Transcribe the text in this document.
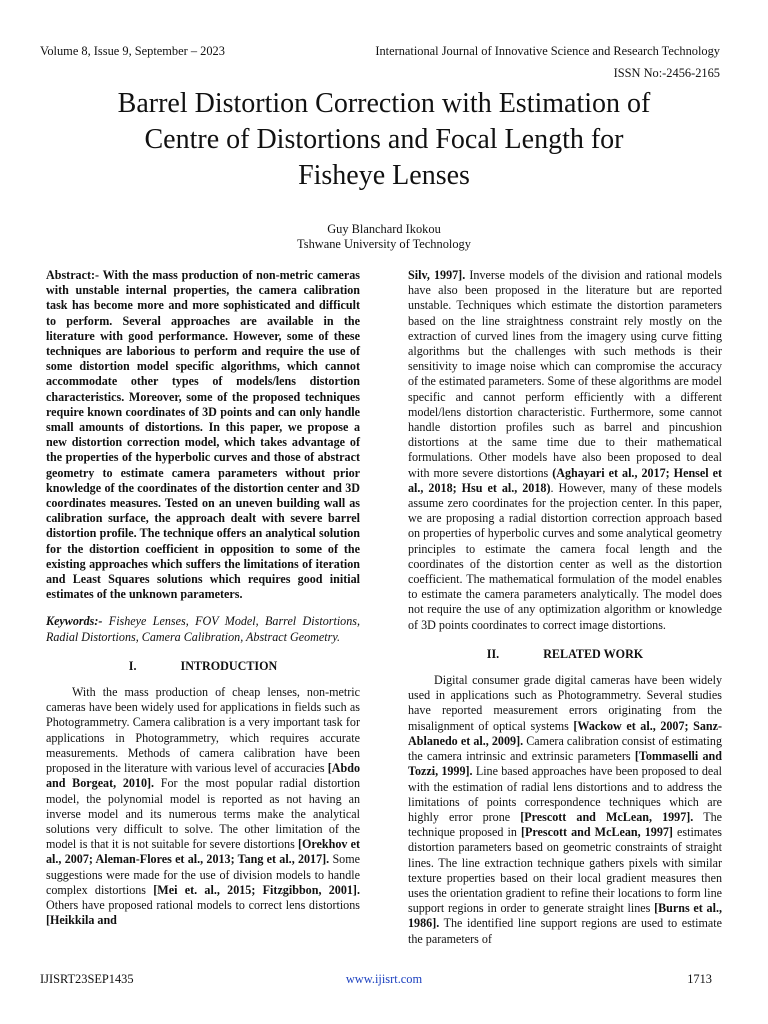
Volume 8, Issue 9, September – 2023	International Journal of Innovative Science and Research Technology
ISSN No:-2456-2165
Barrel Distortion Correction with Estimation of
Centre of Distortions and Focal Length for
Fisheye Lenses
Guy Blanchard Ikokou
Tshwane University of Technology

Abstract:- With the mass production of non-metric cameras with unstable internal properties, the camera calibration task has become more and more sophisticated and difficult to perform. Several approaches are available in the literature with good performance. However, some of these techniques are laborious to perform and require the use of some distortion model specific algorithms, which cannot accommodate other types of models/lens distortion characteristics. Moreover, some of the proposed techniques require known coordinates of 3D points and can only handle small amounts of distortions. In this paper, we propose a new distortion correction model, which takes advantage of the properties of the hyperbolic curves and those of abstract geometry to estimate camera parameters without prior knowledge of the coordinates of the distortion center and 3D coordinates measures. Tested on an uneven building wall as calibration surface, the approach dealt with severe barrel distortion profile. The technique offers an analytical solution for the distortion coefficient in opposition to some of the existing approaches which suffers the limitations of iteration and Least Squares solutions which requires good initial estimates of the unknown parameters.

Keywords:- Fisheye Lenses, FOV Model, Barrel Distortions, Radial Distortions, Camera Calibration, Abstract Geometry.

I.	INTRODUCTION

With the mass production of cheap lenses, non-metric cameras have been widely used for applications in fields such as Photogrammetry. Camera calibration is a very important task for applications in Photogrammetry, which requires accurate measurements. Methods of camera calibration have been proposed in the literature with various level of accuracies [Abdo and Borgeat, 2010]. For the most popular radial distortion model, the polynomial model is reported as not having an inverse model and its numerous terms make the analytical solutions very difficult to solve. The other limitation of the model is that it is not suitable for severe distortions [Orekhov et al., 2007; Aleman-Flores et al., 2013; Tang et al., 2017]. Some suggestions were made for the use of division models to handle complex distortions [Mei et. al., 2015; Fitzgibbon, 2001]. Others have proposed rational models to correct lens distortions [Heikkila and

Silv, 1997]. Inverse models of the division and rational models have also been proposed in the literature but are reported unstable. Techniques which estimate the distortion parameters based on the line straightness constraint rely mostly on the extraction of curved lines from the imagery using curve fitting algorithms but the challenges with such methods is their sensitivity to image noise which can compromise the accuracy of the estimated parameters. Some of these algorithms are model specific and cannot perform efficiently with a different model/lens distortion characteristic. Furthermore, some cannot handle distortion profiles such as barrel and pincushion distortions at the same time due to their mathematical formulations. Other models have also been proposed to deal with more severe distortions (Aghayari et al., 2017; Hensel et al., 2018; Hsu et al., 2018). However, many of these models assume zero coordinates for the projection center. In this paper, we are proposing a radial distortion correction approach based on properties of hyperbolic curves and some analytical geometry principles to estimate the camera focal length and the coordinates of the distortion center as well as the distortion coefficient. The mathematical formulation of the model enables to estimate the camera parameters analytically. The model does not require the use of any optimization algorithm or knowledge of 3D points coordinates to correct image distortions.

II.	RELATED WORK

Digital consumer grade digital cameras have been widely used in applications such as Photogrammetry. Several studies have reported measurement errors originating from the misalignment of optical systems [Wackow et al., 2007; Sanz-Ablanedo et al., 2009]. Camera calibration consist of estimating the camera intrinsic and extrinsic parameters [Tommaselli and Tozzi, 1999]. Line based approaches have been proposed to deal with the estimation of radial lens distortions and to address the limitations of points correspondence techniques which are highly error prone [Prescott and McLean, 1997]. The technique proposed in [Prescott and McLean, 1997] estimates distortion parameters based on geometric constraints of straight lines. The line extraction technique gathers pixels with similar texture properties based on their local gradient measures then uses the orientation gradient to refine their locations to form line support regions in order to generate straight lines [Burns et al., 1986]. The identified line support regions are used to estimate the parameters of

IJISRT23SEP1435	www.ijisrt.com	1713
